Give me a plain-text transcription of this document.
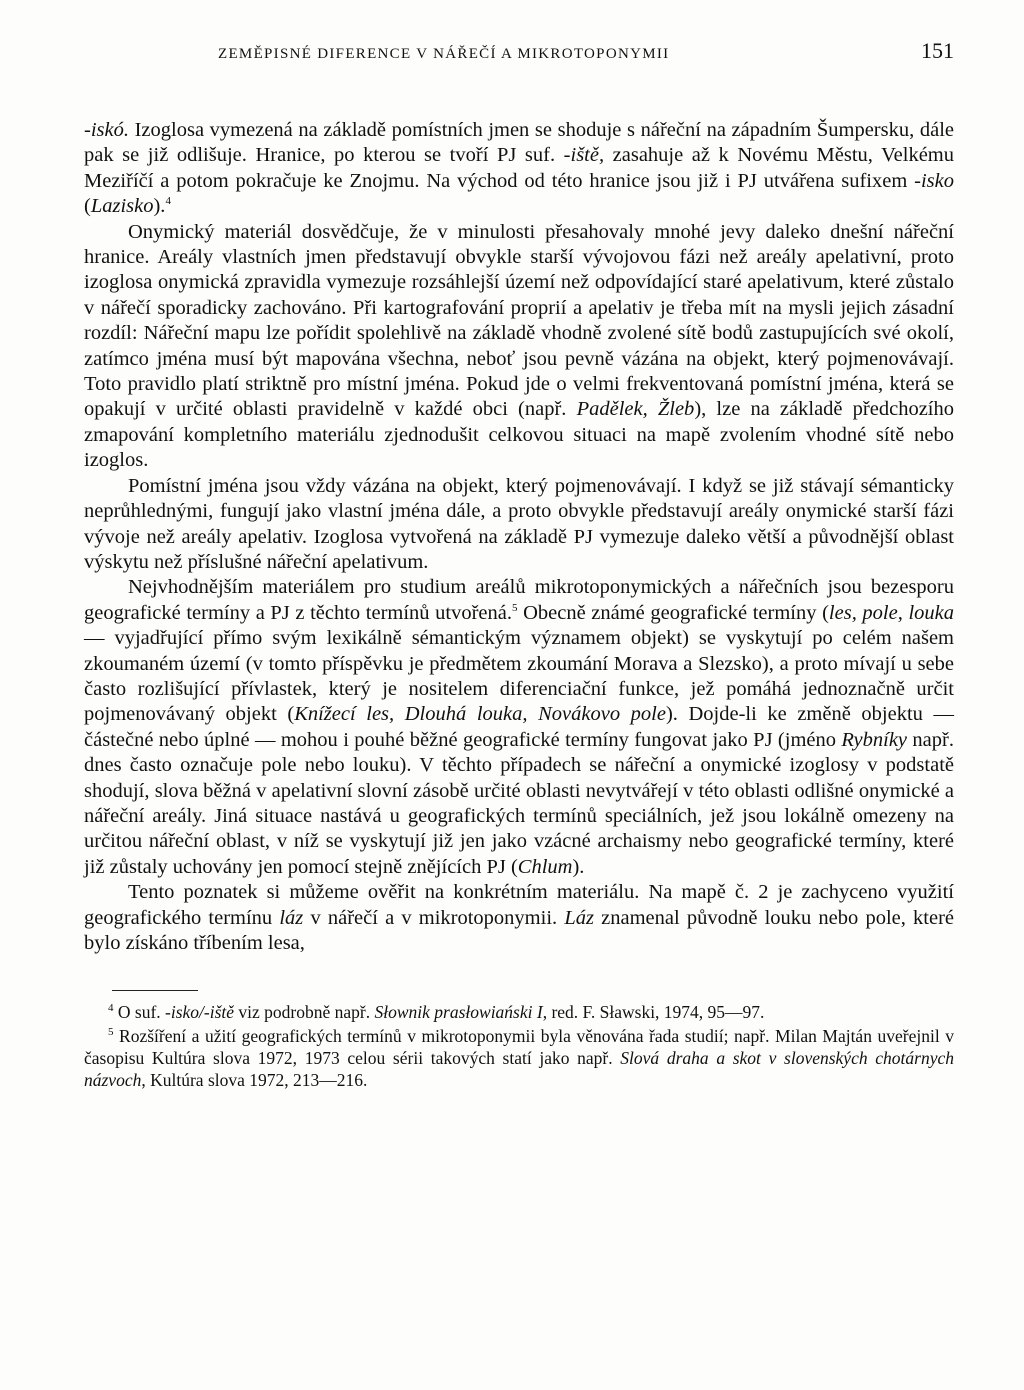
ZEMĚPISNÉ DIFERENCE V NÁŘEČÍ A MIKROTOPONYMII	151

-iskó. Izoglosa vymezená na základě pomístních jmen se shoduje s nářeční na západním Šumpersku, dále pak se již odlišuje. Hranice, po kterou se tvoří PJ suf. -iště, zasahuje až k Novému Městu, Velkému Meziříčí a potom pokračuje ke Znojmu. Na východ od této hranice jsou již i PJ utvářena sufixem -isko (Lazisko).$^4$

Onymický materiál dosvědčuje, že v minulosti přesahovaly mnohé jevy daleko dnešní nářeční hranice. Areály vlastních jmen představují obvykle starší vývojovou fázi než areály apelativní, proto izoglosa onymická zpravidla vymezuje rozsáhlejší území než odpovídající staré apelativum, které zůstalo v nářečí sporadicky zachováno. Při kartografování proprií a apelativ je třeba mít na mysli jejich zásadní rozdíl: Nářeční mapu lze pořídit spolehlivě na základě vhodně zvolené sítě bodů zastupujících své okolí, zatímco jména musí být mapována všechna, neboť jsou pevně vázána na objekt, který pojmenovávají. Toto pravidlo platí striktně pro místní jména. Pokud jde o velmi frekventovaná pomístní jména, která se opakují v určité oblasti pravidelně v každé obci (např. Padělek, Žleb), lze na základě předchozího zmapování kompletního materiálu zjednodušit celkovou situaci na mapě zvolením vhodné sítě nebo izoglos.

Pomístní jména jsou vždy vázána na objekt, který pojmenovávají. I když se již stávají sémanticky neprůhlednými, fungují jako vlastní jména dále, a proto obvykle představují areály onymické starší fázi vývoje než areály apelativ. Izoglosa vytvořená na základě PJ vymezuje daleko větší a původnější oblast výskytu než příslušné nářeční apelativum.

Nejvhodnějším materiálem pro studium areálů mikrotoponymických a nářečních jsou bezesporu geografické termíny a PJ z těchto termínů utvořená.$^5$ Obecně známé geografické termíny (les, pole, louka — vyjadřující přímo svým lexikálně sémantickým významem objekt) se vyskytují po celém našem zkoumaném území (v tomto příspěvku je předmětem zkoumání Morava a Slezsko), a proto mívají u sebe často rozlišující přívlastek, který je nositelem diferenciační funkce, jež pomáhá jednoznačně určit pojmenovávaný objekt (Knížecí les, Dlouhá louka, Novákovo pole). Dojde-li ke změně objektu — částečné nebo úplné — mohou i pouhé běžné geografické termíny fungovat jako PJ (jméno Rybníky např. dnes často označuje pole nebo louku). V těchto případech se nářeční a onymické izoglosy v podstatě shodují, slova běžná v apelativní slovní zásobě určité oblasti nevytvářejí v této oblasti odlišné onymické a nářeční areály. Jiná situace nastává u geografických termínů speciálních, jež jsou lokálně omezeny na určitou nářeční oblast, v níž se vyskytují již jen jako vzácné archaismy nebo geografické termíny, které již zůstaly uchovány jen pomocí stejně znějících PJ (Chlum).

Tento poznatek si můžeme ověřit na konkrétním materiálu. Na mapě č. 2 je zachyceno využití geografického termínu láz v nářečí a v mikrotoponymii. Láz znamenal původně louku nebo pole, které bylo získáno tříbením lesa,

$^4$ O suf. -isko/-iště viz podrobně např. Słownik prasłowiański I, red. F. Sławski, 1974, 95—97.

$^5$ Rozšíření a užití geografických termínů v mikrotoponymii byla věnována řada studií; např. Milan Majtán uveřejnil v časopisu Kultúra slova 1972, 1973 celou sérii takových statí jako např. Slová draha a skot v slovenských chotárnych názvoch, Kultúra slova 1972, 213—216.
